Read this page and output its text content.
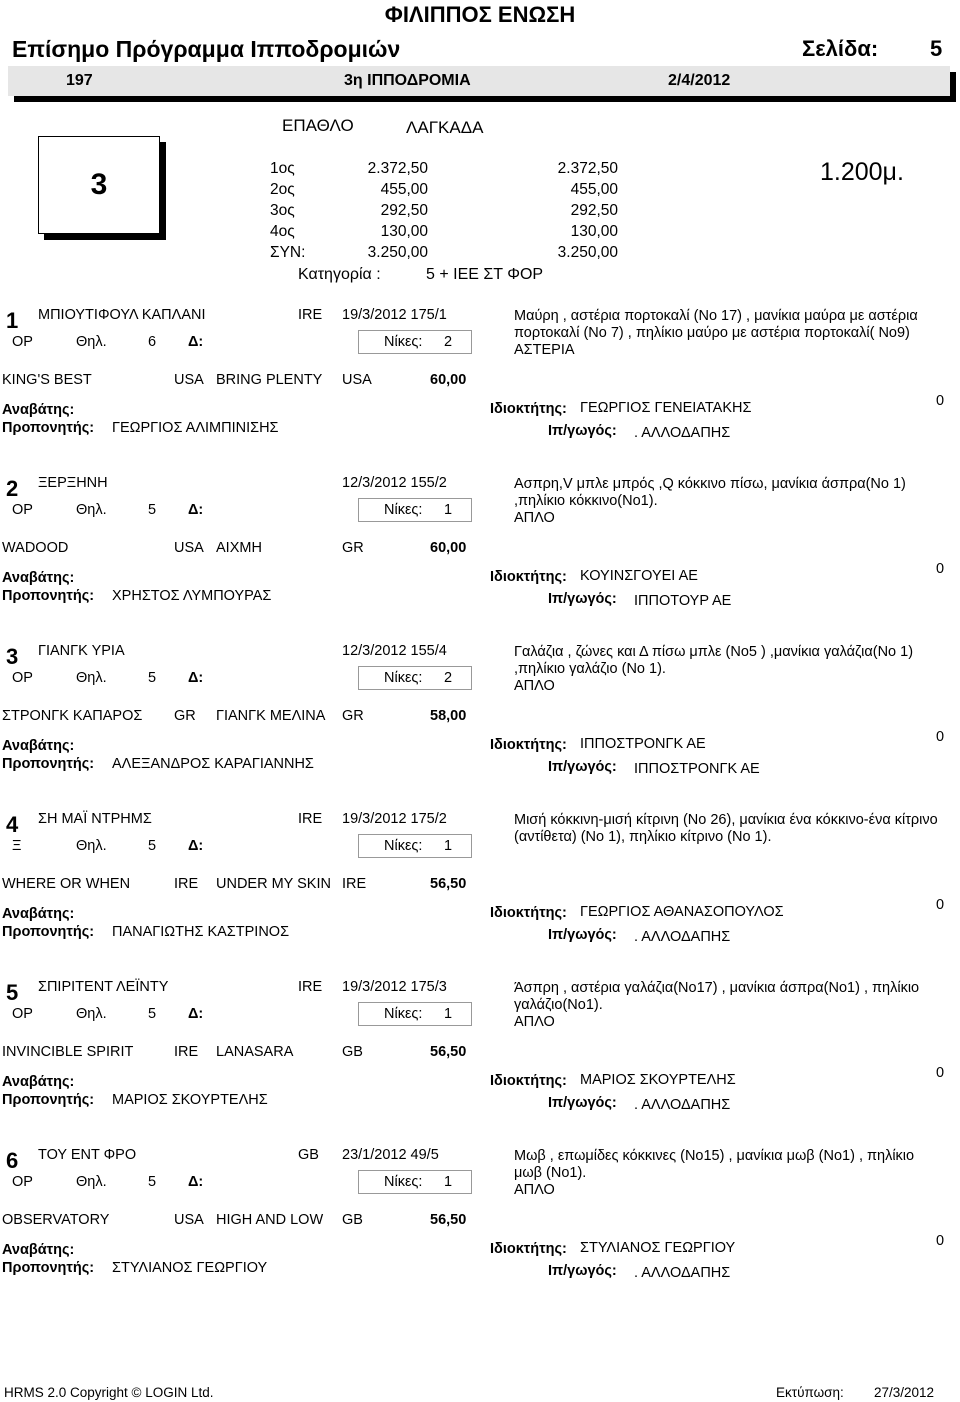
ΦΙΛΙΠΠΟΣ ΕΝΩΣΗ
Επίσημο Πρόγραμμα Ιπποδρομιών	Σελίδα: 5
197	3η ΙΠΠΟΔΡΟΜΙΑ	2/4/2012
3
ΕΠΑΘΛΟ	ΛΑΓΚΑΔΑ
1.200μ.
1ος	2.372,50	2.372,50
2ος	455,00	455,00
3ος	292,50	292,50
4ος	130,00	130,00
ΣΥΝ:	3.250,00	3.250,00
Κατηγορία :	5 + ΙΕΕ ΣΤ ΦΟΡ
1 ΜΠΙΟΥΤΙΦΟΥΛ ΚΑΠΛΑΝΙ	IRE 19/3/2012 175/1
ΟΡ	Θηλ.	6 Δ:	Νίκες: 2
Μαύρη , αστέρια πορτοκαλί (Νο 17) , μανίκια μαύρα με αστέρια
πορτοκαλί (Νο 7) , πηλίκιο μαύρο με αστέρια πορτοκαλί( Νο9)
ΑΣΤΕΡΙΑ
KING'S BEST	USA BRING PLENTY USA	60,00
Αναβάτης:
Προπονητής: ΓΕΩΡΓΙΟΣ ΑΛΙΜΠΙΝΙΣΗΣ
Ιδιοκτήτης: ΓΕΩΡΓΙΟΣ ΓΕΝΕΙΑΤΑΚΗΣ
Ιπ/γωγός: . ΑΛΛΟΔΑΠΗΣ
0
2 ΞΕΡΞΗΝΗ	12/3/2012 155/2
ΟΡ	Θηλ.	5 Δ:	Νίκες: 1
Ασπρη,V μπλε μπρός ,Q κόκκινο πίσω, μανίκια άσπρα(Νο 1)
,πηλίκιο κόκκινο(Νο1).
ΑΠΛΟ
WADOOD	USA ΑΙΧΜΗ	GR	60,00
Αναβάτης:
Προπονητής: ΧΡΗΣΤΟΣ ΛΥΜΠΟΥΡΑΣ
Ιδιοκτήτης: ΚΟΥΙΝΣΓΟΥΕΙ ΑΕ
Ιπ/γωγός: ΙΠΠΟΤΟΥΡ ΑΕ
0
3 ΓΙΑΝΓΚ ΥΡΙΑ	12/3/2012 155/4
ΟΡ	Θηλ.	5 Δ:	Νίκες: 2
Γαλάζια , ζώνες και Δ πίσω μπλε (Νο5 ) ,μανίκια γαλάζια(Νο 1)
,πηλίκιο γαλάζιο (Νο 1).
ΑΠΛΟ
ΣΤΡΟΝΓΚ ΚΑΠΑΡΟΣ GR ΓΙΑΝΓΚ ΜΕΛΙΝΑ GR	58,00
Αναβάτης:
Προπονητής: ΑΛΕΞΑΝΔΡΟΣ ΚΑΡΑΓΙΑΝΝΗΣ
Ιδιοκτήτης: ΙΠΠΟΣΤΡΟΝΓΚ ΑΕ
Ιπ/γωγός: ΙΠΠΟΣΤΡΟΝΓΚ ΑΕ
0
4 ΣΗ ΜΑΪ ΝΤΡΗΜΣ	IRE 19/3/2012 175/2
Ξ	Θηλ.	5 Δ:	Νίκες: 1
Μισή κόκκινη-μισή κίτρινη (Νο 26), μανίκια ένα κόκκινο-ένα κίτρινο
(αντίθετα) (Νο 1), πηλίκιο κίτρινο (Νο 1).
WHERE OR WHEN	IRE UNDER MY SKIN IRE	56,50
Αναβάτης:
Προπονητής: ΠΑΝΑΓΙΩΤΗΣ ΚΑΣΤΡΙΝΟΣ
Ιδιοκτήτης: ΓΕΩΡΓΙΟΣ ΑΘΑΝΑΣΟΠΟΥΛΟΣ
Ιπ/γωγός: . ΑΛΛΟΔΑΠΗΣ
0
5 ΣΠΙΡΙΤΕΝΤ ΛΕΪΝΤΥ	IRE 19/3/2012 175/3
ΟΡ	Θηλ.	5 Δ:	Νίκες: 1
Άσπρη , αστέρια γαλάζια(Νο17) , μανίκια άσπρα(Νο1) , πηλίκιο
γαλάζιο(Νο1).
ΑΠΛΟ
INVINCIBLE SPIRIT	IRE LANASARA	GB	56,50
Αναβάτης:
Προπονητής: ΜΑΡΙΟΣ ΣΚΟΥΡΤΕΛΗΣ
Ιδιοκτήτης: ΜΑΡΙΟΣ ΣΚΟΥΡΤΕΛΗΣ
Ιπ/γωγός: . ΑΛΛΟΔΑΠΗΣ
0
6 ΤΟΥ ΕΝΤ ΦΡΟ	GB 23/1/2012 49/5
ΟΡ	Θηλ.	5 Δ:	Νίκες: 1
Μωβ , επωμίδες κόκκινες (Νο15) , μανίκια μωβ (Νο1) , πηλίκιο
μωβ (Νο1).
ΑΠΛΟ
OBSERVATORY	USA HIGH AND LOW GB	56,50
Αναβάτης:
Προπονητής: ΣΤΥΛΙΑΝΟΣ ΓΕΩΡΓΙΟΥ
Ιδιοκτήτης: ΣΤΥΛΙΑΝΟΣ ΓΕΩΡΓΙΟΥ
Ιπ/γωγός: . ΑΛΛΟΔΑΠΗΣ
0
HRMS 2.0 Copyright © LOGIN Ltd.	Εκτύπωση: 27/3/2012
